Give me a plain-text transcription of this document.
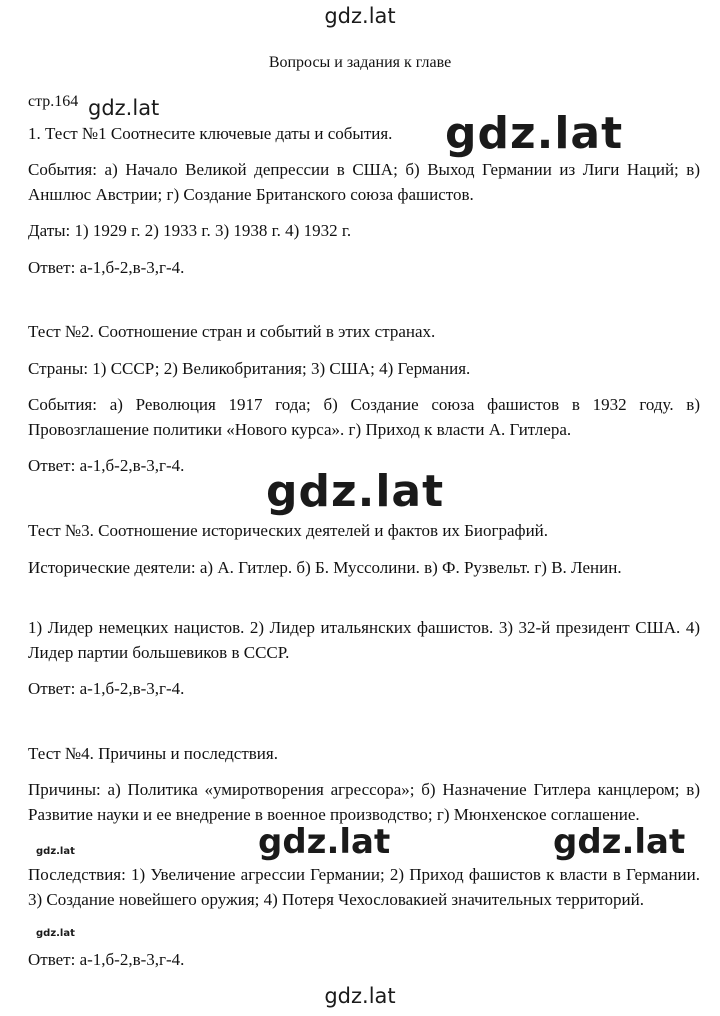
Вопросы и задания к главе
стр.164
1. Тест №1 Соотнесите ключевые даты и события.
События: а) Начало Великой депрессии в США; б) Выход Германии из Лиги Наций; в) Аншлюс Австрии; г) Создание Британского союза фашистов.
Даты: 1) 1929 г. 2) 1933 г. 3) 1938 г. 4) 1932 г.
Ответ: а-1,б-2,в-3,г-4.
Тест №2. Соотношение стран и событий в этих странах.
Страны: 1) СССР; 2) Великобритания; 3) США; 4) Германия.
События: а) Революция 1917 года; б) Создание союза фашистов в 1932 году. в) Провозглашение политики «Нового курса». г) Приход к власти А. Гитлера.
Ответ: а-1,б-2,в-3,г-4.
Тест №3. Соотношение исторических деятелей и фактов их Биографий.
Исторические деятели: а) А. Гитлер. б) Б. Муссолини. в) Ф. Рузвельт. г) В. Ленин.
1) Лидер немецких нацистов. 2) Лидер итальянских фашистов. 3) 32-й президент США. 4) Лидер партии большевиков в СССР.
Ответ: а-1,б-2,в-3,г-4.
Тест №4. Причины и последствия.
Причины: а) Политика «умиротворения агрессора»; б) Назначение Гитлера канцлером; в) Развитие науки и ее внедрение в военное производство; г) Мюнхенское соглашение.
Последствия: 1) Увеличение агрессии Германии; 2) Приход фашистов к власти в Германии. 3) Создание новейшего оружия; 4) Потеря Чехословакией значительных территорий.
Ответ: а-1,б-2,в-3,г-4.
gdz.lat
gdz.lat	gdz.lat
gdz.lat
gdz.lat	gdz.lat
gdz.lat
gdz.lat
gdz.lat
